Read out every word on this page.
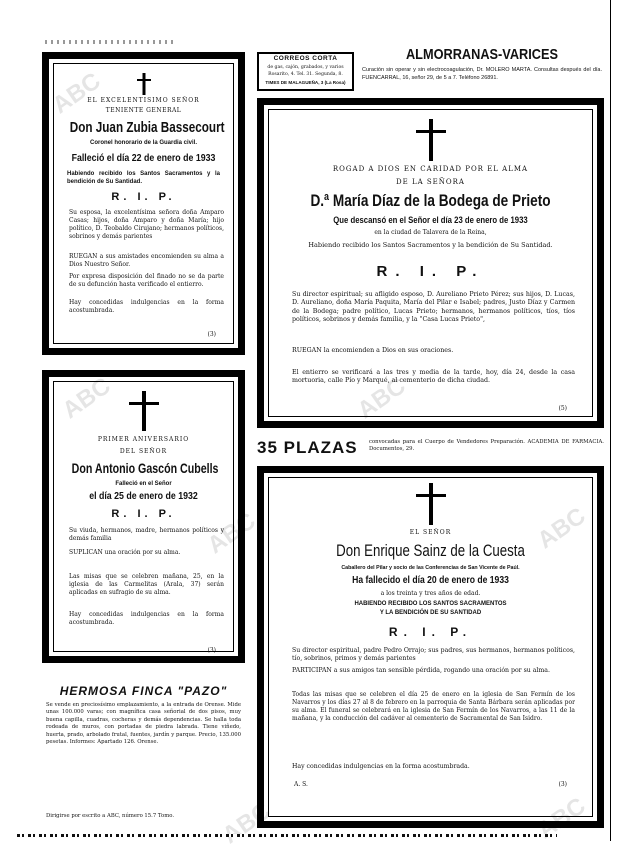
EL EXCELENTISIMO SEÑOR
TENIENTE GENERAL
Don Juan Zubia Bassecourt
Coronel honorario de la Guardia civil.
Falleció el día 22 de enero de 1933
Habiendo recibido los Santos Sacramentos y la bendición de Su Santidad.
R. I. P.
Su esposa, la excelentísima señora doña Amparo Casas; hijos, doña Amparo y doña María; hijo político, D. Teobaldo Cirujano; hermanos políticos, sobrinos y demás parientes
RUEGAN a sus amistades encomienden su alma a Dios Nuestro Señor.
Por expresa disposición del finado no se da parte de su defunción hasta verificado el entierro.
Hay concedidas indulgencias en la forma acostumbrada.
(3)
PRIMER ANIVERSARIO
DEL SEÑOR
Don Antonio Gascón Cubells
Falleció en el Señor
el día 25 de enero de 1932
R. I. P.
Su viuda, hermanos, madre, hermanos políticos y demás familia
SUPLICAN una oración por su alma.
Las misas que se celebren mañana, 25, en la iglesia de las Carmelitas (Arala, 37) serán aplicadas en sufragio de su alma.
Hay concedidas indulgencias en la forma acostumbrada.
(3)
HERMOSA FINCA "PAZO"
Se vende en preciosísimo emplazamiento, a la entrada de Orense. Mide unas 100.000 varas; con magnífica casa señorial de dos pisos, muy buena capilla, cuadras, cocheras y demás dependencias. Se halla toda rodeada de muros, con portadas de piedra labrada. Tiene viñedo, huerta, prado, arbolado frutal, fuentes, jardín y parque. Precio, 135.000 pesetas. Informes: Apartado 126. Orense.
Dirigirse por escrito a ABC, número 15.7 Tomo.
CORREOS CORTA
de gas, cajón, grabados, y varios
Rosarito, 4. Tel. 31. Segunda, 8.
TIMES DE MALAGUEÑA, 3 (La Rosa)
ALMORRANAS-VARICES
Curación sin operar y sin electrocoagulación, Dr. MOLERO MARTA. Consultas después del día. FUENCARRAL, 16, señor 29, de 5 a 7. Teléfono 26891.
ROGAD A DIOS EN CARIDAD POR EL ALMA
DE LA SEÑORA
D.ª María Díaz de la Bodega de Prieto
Que descansó en el Señor el día 23 de enero de 1933
en la ciudad de Talavera de la Reina,
Habiendo recibido los Santos Sacramentos y la bendición de Su Santidad.
R. I. P.
Su director espiritual; su afligido esposo, D. Aureliano Prieto Pérez; sus hijos, D. Lucas, D. Aureliano, doña María Paquita, María del Pilar e Isabel; padres, Justo Díaz y Carmen de la Bodega; padre político, Lucas Prieto; hermanos, hermanos políticos, tíos, tíos políticos, sobrinos y demás familia, y la "Casa Lucas Prieto",
RUEGAN la encomienden a Dios en sus oraciones.
El entierro se verificará a las tres y media de la tarde, hoy, día 24, desde la casa mortuoria, calle Pío y Marqué, al cementerio de dicha ciudad.
(5)
35 PLAZAS convocadas para el Cuerpo de Vendedores Preparación. ACADEMIA DE FARMACIA. Documentos, 29.
EL SEÑOR
Don Enrique Sainz de la Cuesta
Caballero del Pilar y socio de las Conferencias de San Vicente de Paúl.
Ha fallecido el día 20 de enero de 1933
a los treinta y tres años de edad.
HABIENDO RECIBIDO LOS SANTOS SACRAMENTOS
Y LA BENDICIÓN DE SU SANTIDAD
R. I. P.
Su director espiritual, padre Pedro Orrajo; sus padres, sus hermanos, hermanos políticos, tío, sobrinos, primos y demás parientes
PARTICIPAN a sus amigos tan sensible pérdida, rogando una oración por su alma.
Todas las misas que se celebren el día 25 de enero en la iglesia de San Fermín de los Navarros y los días 27 al 8 de febrero en la parroquia de Santa Bárbara serán aplicadas por su alma. El funeral se celebrará en la iglesia de San Fermín de los Navarros, a las 11 de la mañana, y la conducción del cadáver al cementerio de Sacramental de San Isidro.
Hay concedidas indulgencias en la forma acostumbrada.
A. S.	(3)
ABC
